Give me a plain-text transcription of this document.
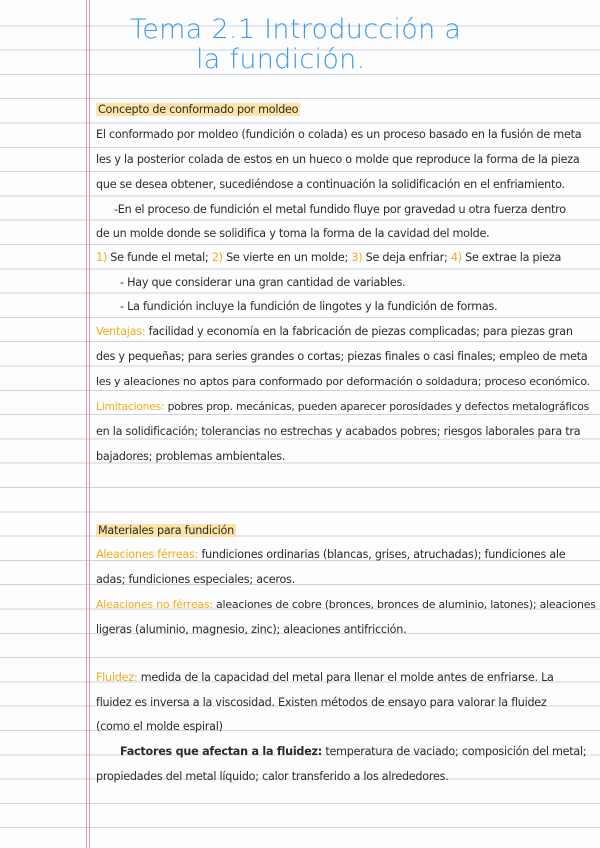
Tema 2.1 Introducción a
la fundición.
Concepto de conformado por moldeo
El conformado por moldeo (fundición o colada) es un proceso basado en la fusión de meta
les y la posterior colada de estos en un hueco o molde que reproduce la forma de la pieza
que se desea obtener, sucediéndose a continuación la solidificación en el enfriamiento.
-En el proceso de fundición el metal fundido fluye por gravedad u otra fuerza dentro
de un molde donde se solidifica y toma la forma de la cavidad del molde.
1) Se funde el metal; 2) Se vierte en un molde; 3) Se deja enfriar; 4) Se extrae la pieza
- Hay que considerar una gran cantidad de variables.
- La fundición incluye la fundición de lingotes y la fundición de formas.
Ventajas: facilidad y economía en la fabricación de piezas complicadas; para piezas gran
des y pequeñas; para series grandes o cortas; piezas finales o casi finales; empleo de meta
les y aleaciones no aptos para conformado por deformación o soldadura; proceso económico.
Limitaciones: pobres prop. mecánicas, pueden aparecer porosidades y defectos metalográficos
en la solidificación; tolerancias no estrechas y acabados pobres; riesgos laborales para tra
bajadores; problemas ambientales.
Materiales para fundición
Aleaciones férreas: fundiciones ordinarias (blancas, grises, atruchadas); fundiciones ale
adas; fundiciones especiales; aceros.
Aleaciones no férreas: aleaciones de cobre (bronces, bronces de aluminio, latones); aleaciones
ligeras (aluminio, magnesio, zinc); aleaciones antifricción.
Fluidez: medida de la capacidad del metal para llenar el molde antes de enfriarse. La
fluidez es inversa a la viscosidad. Existen métodos de ensayo para valorar la fluidez
(como el molde espiral)
Factores que afectan a la fluidez: temperatura de vaciado; composición del metal;
propiedades del metal líquido; calor transferido a los alrededores.
